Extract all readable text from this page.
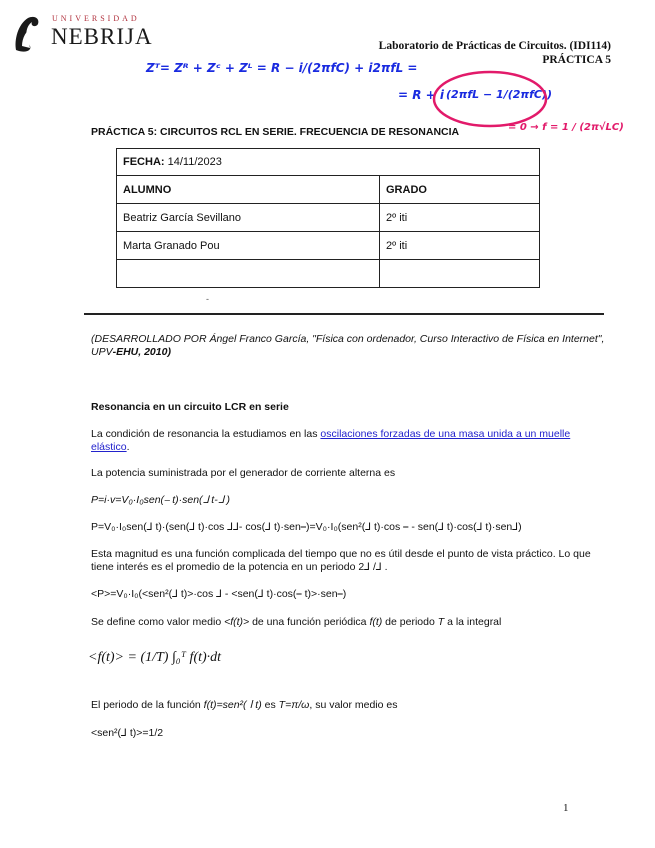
UNIVERSIDAD
NEBRIJA	Laboratorio de Prácticas de Circuitos. (IDI114)
PRÁCTICA 5
Zᵀ= Zᴿ + Zᶜ + Zᴸ = R − i/(2πfC) + i2πfL =
= R + i (2πfL − 1/(2πfC))
= 0 → f = 1 / (2π√LC)
PRÁCTICA 5: CIRCUITOS RCL EN SERIE. FRECUENCIA DE RESONANCIA
FECHA: 14/11/2023	
ALUMNO	GRADO
Beatriz García Sevillano	2º iti
Marta Granado Pou	2º iti

-
(DESARROLLADO POR Ángel Franco García, "Física con ordenador, Curso Interactivo de Física en Internet", UPV-EHU, 2010)
Resonancia en un circuito LCR en serie
La condición de resonancia la estudiamos en las oscilaciones forzadas de una masa unida a un muelle elástico.
La potencia suministrada por el generador de corriente alterna es
P=i·v=V₀·I₀sen(⎯ t)·sen(⅃ t-⅃ )
P=V₀·I₀sen(⅃ t)·(sen(⅃ t)·cos ⅃⅃- cos(⅃ t)·sen⎯)=V₀·I₀(sen²(⅃ t)·cos ⎯ - sen(⅃ t)·cos(⅃ t)·sen⅃)
Esta magnitud es una función complicada del tiempo que no es útil desde el punto de vista práctico. Lo que tiene interés es el promedio de la potencia en un periodo 2⅃ /⅃ .
<P>=V₀·I₀(<sen²(⅃ t)>·cos ⅃ - <sen(⅃ t)·cos(⎯ t)>·sen⎯)
Se define como valor medio <f(t)> de una función periódica f(t) de periodo T a la integral
<f(t)> = (1/T) ∫₀ᵀ f(t)·dt
El periodo de la función f(t)=sen²( ⅼ t) es T=π/ω, su valor medio es
<sen²(⅃ t)>=1/2
1
